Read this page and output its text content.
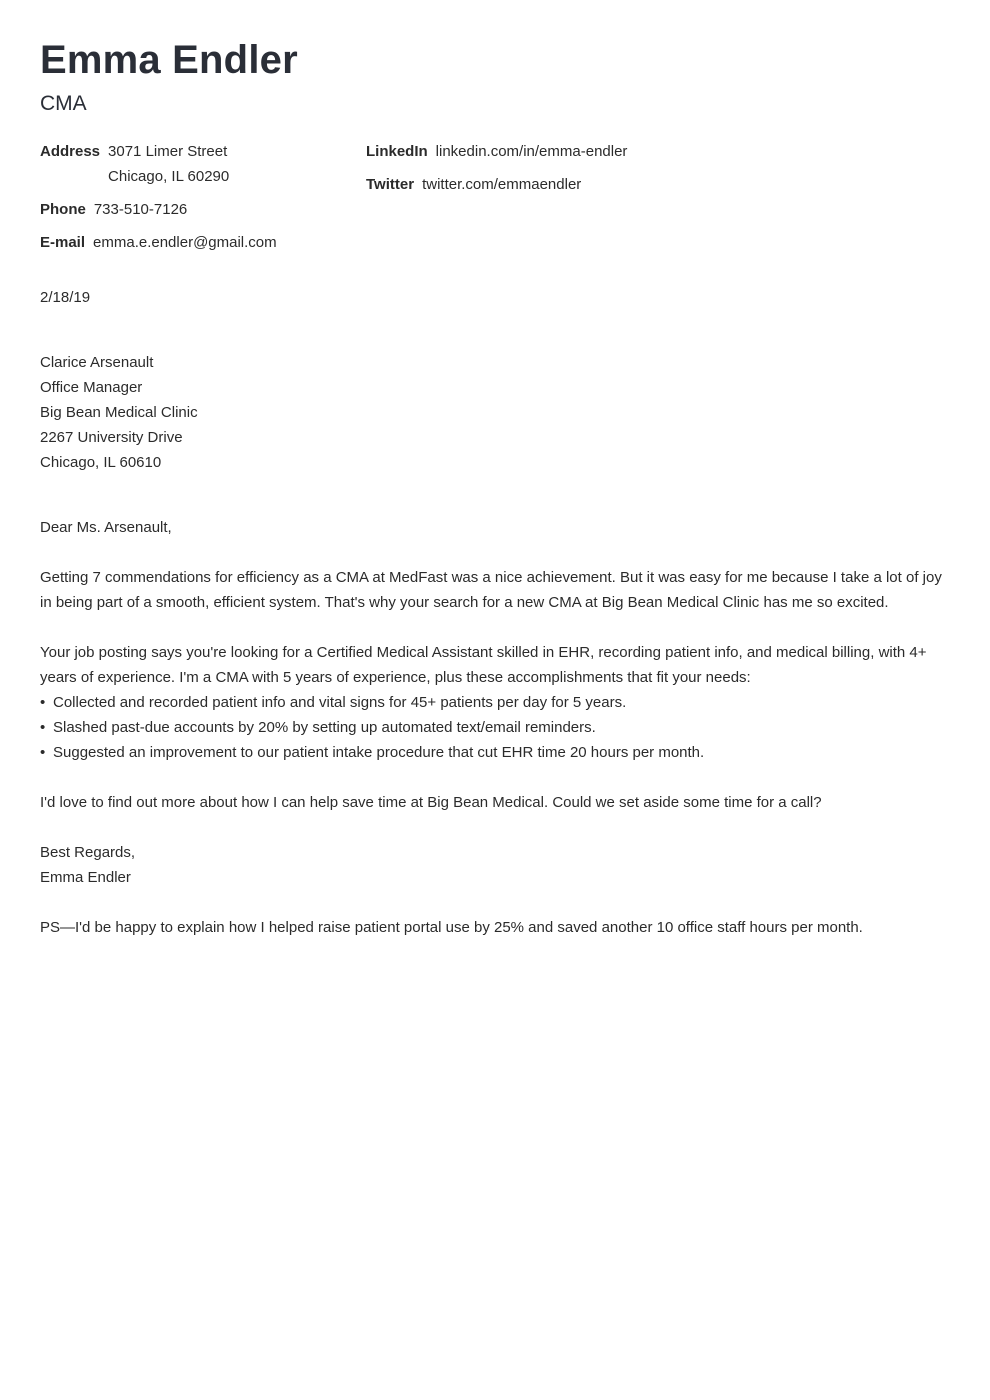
Emma Endler
CMA
Address 3071 Limer Street
Chicago, IL 60290
Phone 733-510-7126
E-mail emma.e.endler@gmail.com
LinkedIn linkedin.com/in/emma-endler
Twitter twitter.com/emmaendler
2/18/19
Clarice Arsenault
Office Manager
Big Bean Medical Clinic
2267 University Drive
Chicago, IL 60610

Dear Ms. Arsenault,

Getting 7 commendations for efficiency as a CMA at MedFast was a nice achievement. But it was easy for me because I take a lot of joy in being part of a smooth, efficient system. That's why your search for a new CMA at Big Bean Medical Clinic has me so excited.

Your job posting says you're looking for a Certified Medical Assistant skilled in EHR, recording patient info, and medical billing, with 4+ years of experience. I'm a CMA with 5 years of experience, plus these accomplishments that fit your needs:
• Collected and recorded patient info and vital signs for 45+ patients per day for 5 years.
• Slashed past-due accounts by 20% by setting up automated text/email reminders.
• Suggested an improvement to our patient intake procedure that cut EHR time 20 hours per month.

I'd love to find out more about how I can help save time at Big Bean Medical. Could we set aside some time for a call?

Best Regards,
Emma Endler

PS—I'd be happy to explain how I helped raise patient portal use by 25% and saved another 10 office staff hours per month.
